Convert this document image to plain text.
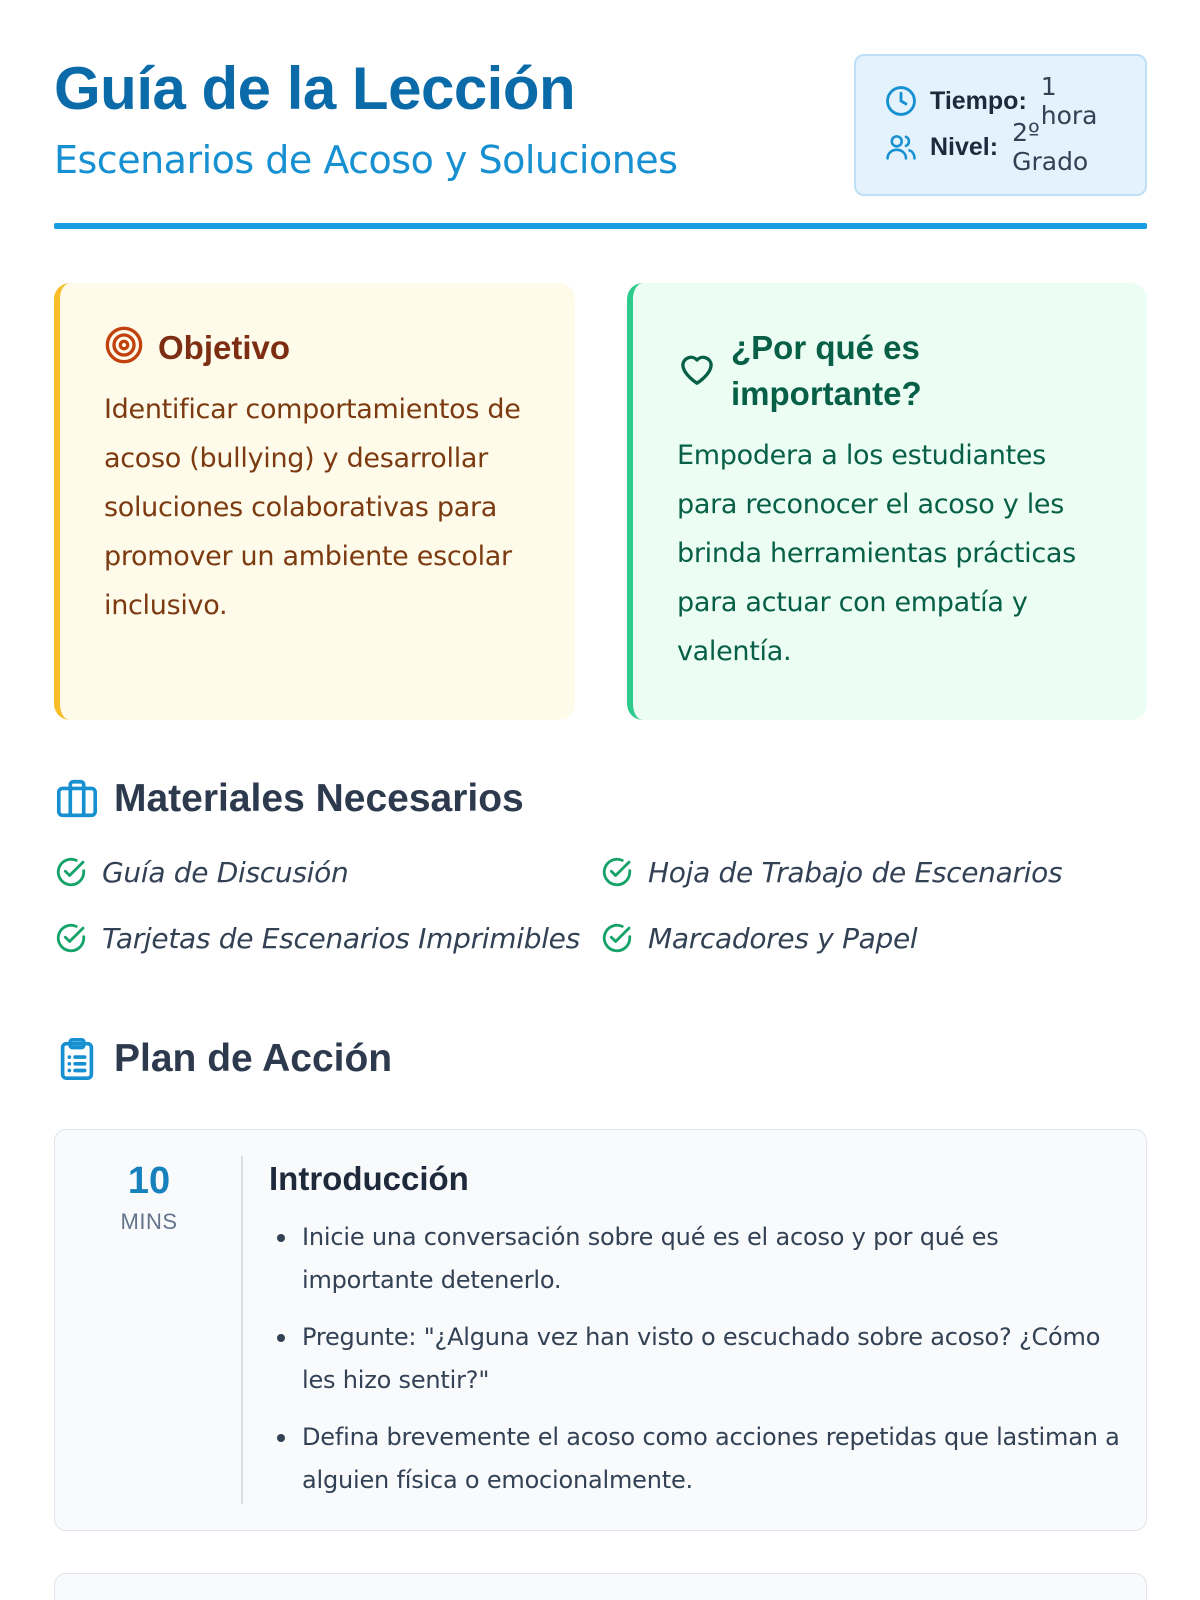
Guía de la Lección
Escenarios de Acoso y Soluciones
Tiempo: 1 hora
Nivel: 2º Grado
Objetivo

Identificar comportamientos de acoso (bullying) y desarrollar soluciones colaborativas para promover un ambiente escolar inclusivo.

¿Por qué es importante?

Empodera a los estudiantes para reconocer el acoso y les brinda herramientas prácticas para actuar con empatía y valentía.

Materiales Necesarios
Guía de Discusión	Hoja de Trabajo de Escenarios
Tarjetas de Escenarios Imprimibles Marcadores y Papel
Plan de Acción
10
MINS
Introducción
Inicie una conversación sobre qué es el acoso y por qué es importante detenerlo.
Pregunte: "¿Alguna vez han visto o escuchado sobre acoso? ¿Cómo les hizo sentir?"
Defina brevemente el acoso como acciones repetidas que lastiman a alguien física o emocionalmente.
